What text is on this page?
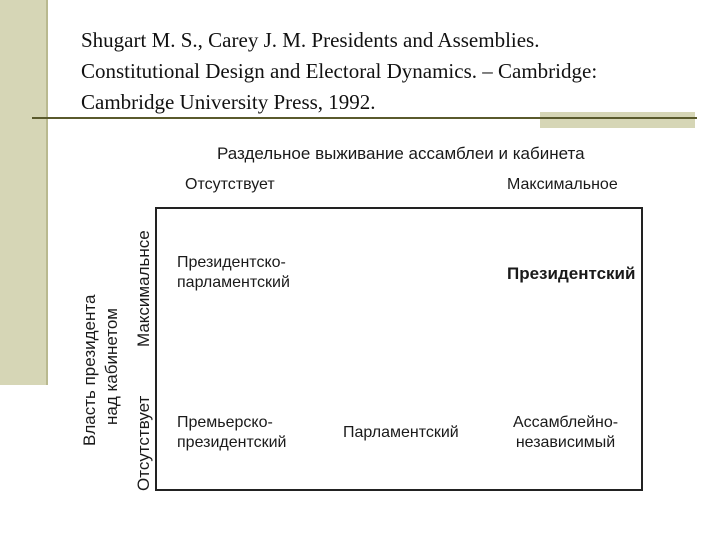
Shugart M. S., Carey J. M. Presidents and Assemblies.
Constitutional Design and Electoral Dynamics. – Cambridge:
Cambridge University Press, 1992.
Раздельное выживание ассамблеи и кабинета
Отсутствует	Максимальное
Власть президента над кабинетом
Отсутствует
Максимальнсе Президентско-
парламентский	Президентский
Премьерско-
президентский
Парламентский
Ассамблейно-
независимый
